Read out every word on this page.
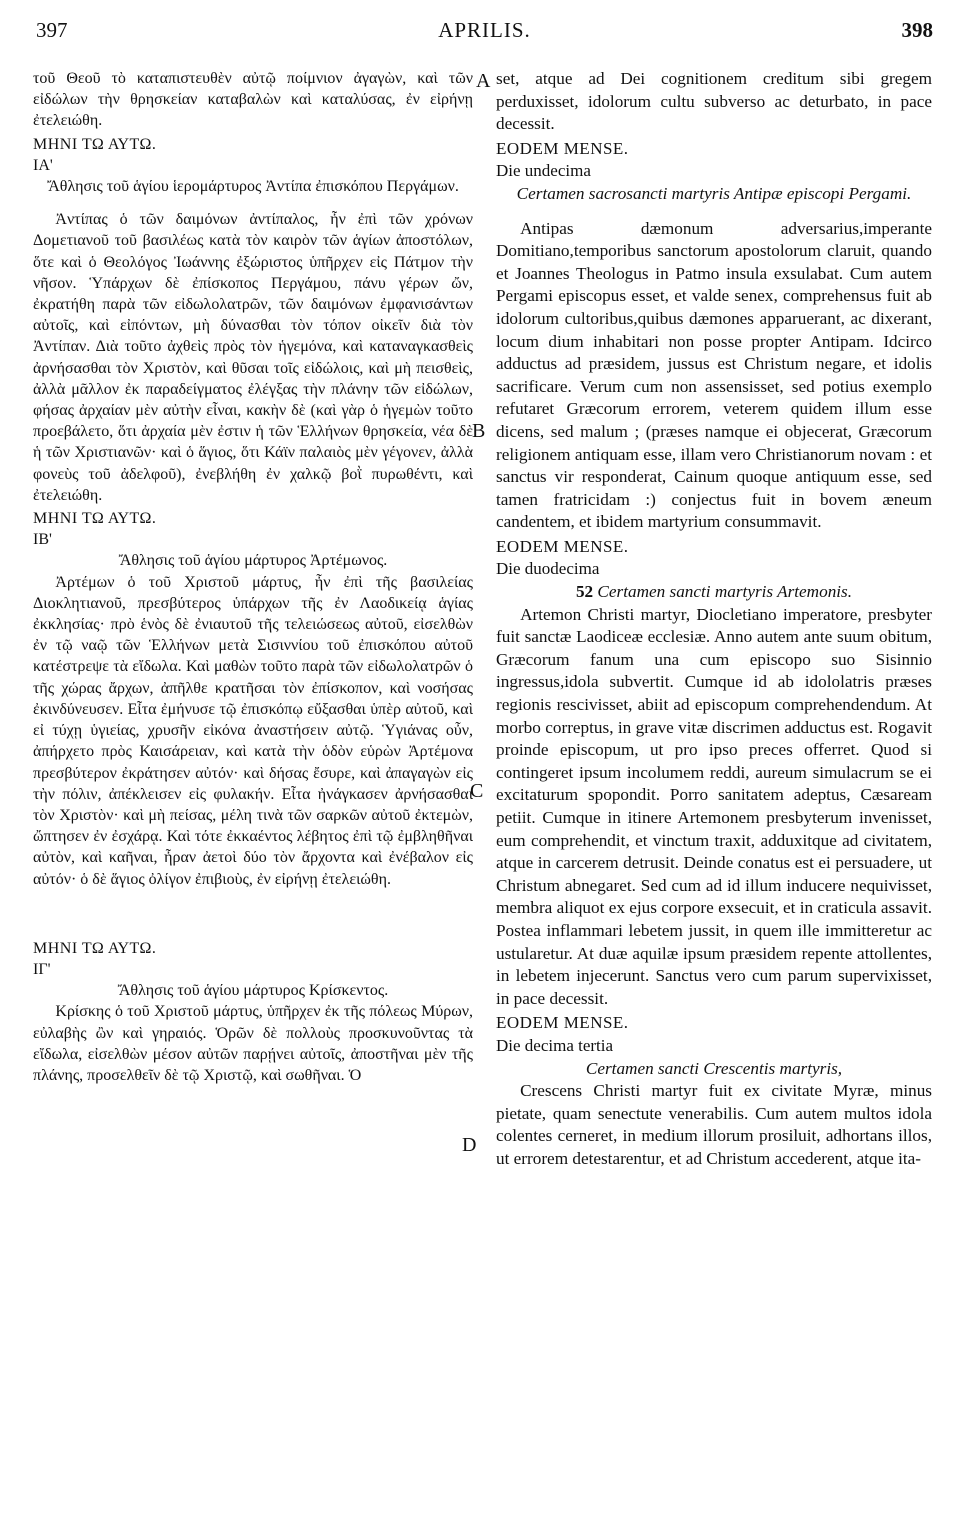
397	APRILIS.	398
A
B
C
D

τοῦ Θεοῦ τὸ καταπιστευθὲν αὐτῷ ποίμνιον ἀγαγὼν, καὶ τῶν εἰδώλων τὴν θρησκείαν καταβαλὼν καὶ καταλύσας, ἐν εἰρήνῃ ἐτελειώθη.

ΜΗΝΙ ΤΩ ΑΥΤΩ.

ΙΑ'

Ἄθλησις τοῦ ἁγίου ἱερομάρτυρος Ἀντίπα ἐπισκόπου Περγάμων.

Ἀντίπας ὁ τῶν δαιμόνων ἀντίπαλος, ἦν ἐπὶ τῶν χρόνων Δομετιανοῦ τοῦ βασιλέως κατὰ τὸν καιρὸν τῶν ἁγίων ἀποστόλων, ὅτε καὶ ὁ Θεολόγος Ἰωάννης ἐξώριστος ὑπῆρχεν εἰς Πάτμον τὴν νῆσον. Ὑπάρχων δὲ ἐπίσκοπος Περγάμου, πάνυ γέρων ὤν, ἐκρατήθη παρὰ τῶν εἰδωλολατρῶν, τῶν δαιμόνων ἐμφανισάντων αὐτοῖς, καὶ εἰπόντων, μὴ δύνασθαι τὸν τόπον οἰκεῖν διὰ τὸν Ἀντίπαν. Διὰ τοῦτο ἀχθεὶς πρὸς τὸν ἡγεμόνα, καὶ καταναγκασθεὶς ἀρνήσασθαι τὸν Χριστὸν, καὶ θῦσαι τοῖς εἰδώλοις, καὶ μὴ πεισθεὶς, ἀλλὰ μᾶλλον ἐκ παραδείγματος ἐλέγξας τὴν πλάνην τῶν εἰδώλων, φήσας ἀρχαίαν μὲν αὐτὴν εἶναι, κακὴν δὲ (καὶ γὰρ ὁ ἡγεμὼν τοῦτο προεβάλετο, ὅτι ἀρχαία μὲν ἐστιν ἡ τῶν Ἑλλήνων θρησκεία, νέα δὲ ἡ τῶν Χριστιανῶν· καὶ ὁ ἅγιος, ὅτι Κάϊν παλαιὸς μὲν γέγονεν, ἀλλὰ φονεὺς τοῦ ἀδελφοῦ), ἐνεβλήθη ἐν χαλκῷ βοῒ πυρωθέντι, καὶ ἐτελειώθη.

ΜΗΝΙ ΤΩ ΑΥΤΩ.

ΙΒ'

Ἄθλησις τοῦ ἁγίου μάρτυρος Ἀρτέμωνος.

Ἀρτέμων ὁ τοῦ Χριστοῦ μάρτυς, ἦν ἐπὶ τῆς βασιλείας Διοκλητιανοῦ, πρεσβύτερος ὑπάρχων τῆς ἐν Λαοδικείᾳ ἁγίας ἐκκλησίας· πρὸ ἑνὸς δὲ ἐνιαυτοῦ τῆς τελειώσεως αὐτοῦ, εἰσελθὼν ἐν τῷ ναῷ τῶν Ἑλλήνων μετὰ Σισιννίου τοῦ ἐπισκόπου αὐτοῦ κατέστρεψε τὰ εἴδωλα. Καὶ μαθὼν τοῦτο παρὰ τῶν εἰδωλολατρῶν ὁ τῆς χώρας ἄρχων, ἀπῆλθε κρατῆσαι τὸν ἐπίσκοπον, καὶ νοσήσας ἐκινδύνευσεν. Εἶτα ἐμήνυσε τῷ ἐπισκόπῳ εὔξασθαι ὑπὲρ αὐτοῦ, καὶ εἰ τύχῃ ὑγιείας, χρυσῆν εἰκόνα ἀναστήσειν αὐτῷ. Ὑγιάνας οὖν, ἀπήρχετο πρὸς Καισάρειαν, καὶ κατὰ τὴν ὁδὸν εὑρὼν Ἀρτέμονα πρεσβύτερον ἐκράτησεν αὐτόν· καὶ δήσας ἔσυρε, καὶ ἀπαγαγὼν εἰς τὴν πόλιν, ἀπέκλεισεν εἰς φυλακήν. Εἶτα ἠνάγκασεν ἀρνήσασθαι τὸν Χριστὸν· καὶ μὴ πείσας, μέλη τινὰ τῶν σαρκῶν αὐτοῦ ἐκτεμὼν, ὤπτησεν ἐν ἐσχάρᾳ. Καὶ τότε ἐκκαέντος λέβητος ἐπὶ τῷ ἐμβληθῆναι αὐτὸν, καὶ καῆναι, ἦραν ἀετοὶ δύο τὸν ἄρχοντα καὶ ἐνέβαλον εἰς αὐτόν· ὁ δὲ ἅγιος ὀλίγον ἐπιβιοὺς, ἐν εἰρήνῃ ἐτελειώθη.

ΜΗΝΙ ΤΩ ΑΥΤΩ.

ΙΓ'

Ἄθλησις τοῦ ἁγίου μάρτυρος Κρίσκεντος.

Κρίσκης ὁ τοῦ Χριστοῦ μάρτυς, ὑπῆρχεν ἐκ τῆς πόλεως Μύρων, εὐλαβὴς ὢν καὶ γηραιός. Ὁρῶν δὲ πολλοὺς προσκυνοῦντας τὰ εἴδωλα, εἰσελθὼν μέσον αὐτῶν παρῄνει αὐτοῖς, ἀποστῆναι μὲν τῆς πλάνης, προσελθεῖν δὲ τῷ Χριστῷ, καὶ σωθῆναι. Ὁ

set, atque ad Dei cognitionem creditum sibi gregem perduxisset, idolorum cultu subverso ac deturbato, in pace decessit.

EODEM MENSE.

Die undecima

Certamen sacrosancti martyris Antipæ episcopi Pergami.

Antipas dæmonum adversarius,imperante Domitiano,temporibus sanctorum apostolorum claruit, quando et Joannes Theologus in Patmo insula exsulabat. Cum autem Pergami episcopus esset, et valde senex, comprehensus fuit ab idolorum cultoribus,quibus dæmones apparuerant, ac dixerant, locum dium inhabitari non posse propter Antipam. Idcirco adductus ad præsidem, jussus est Christum negare, et idolis sacrificare. Verum cum non assensisset, sed potius exemplo refutaret Græcorum errorem, veterem quidem illum esse dicens, sed malum ; (præses namque ei objecerat, Græcorum religionem antiquam esse, illam vero Christianorum novam : et sanctus vir responderat, Cainum quoque antiquum esse, sed tamen fratricidam :) conjectus fuit in bovem æneum candentem, et ibidem martyrium consummavit.

EODEM MENSE.

Die duodecima

52 Certamen sancti martyris Artemonis.

Artemon Christi martyr, Diocletiano imperatore, presbyter fuit sanctæ Laodiceæ ecclesiæ. Anno autem ante suum obitum, Græcorum fanum una cum episcopo suo Sisinnio ingressus,idola subvertit. Cumque id ab idololatris præses regionis rescivisset, abiit ad episcopum comprehendendum. At morbo correptus, in grave vitæ discrimen adductus est. Rogavit proinde episcopum, ut pro ipso preces offerret. Quod si contingeret ipsum incolumem reddi, aureum simulacrum se ei excitaturum spopondit. Porro sanitatem adeptus, Cæsaream petiit. Cumque in itinere Artemonem presbyterum invenisset, eum comprehendit, et vinctum traxit, adduxitque ad civitatem, atque in carcerem detrusit. Deinde conatus est ei persuadere, ut Christum abnegaret. Sed cum ad id illum inducere nequivisset, membra aliquot ex ejus corpore exsecuit, et in craticula assavit. Postea inflammari lebetem jussit, in quem ille immitteretur ac ustularetur. At duæ aquilæ ipsum præsidem repente attollentes, in lebetem injecerunt. Sanctus vero cum parum supervixisset, in pace decessit.

EODEM MENSE.

Die decima tertia

Certamen sancti Crescentis martyris,

Crescens Christi martyr fuit ex civitate Myræ, minus pietate, quam senectute venerabilis. Cum autem multos idola colentes cerneret, in medium illorum prosiluit, adhortans illos, ut errorem detestarentur, et ad Christum accederent, atque ita-
